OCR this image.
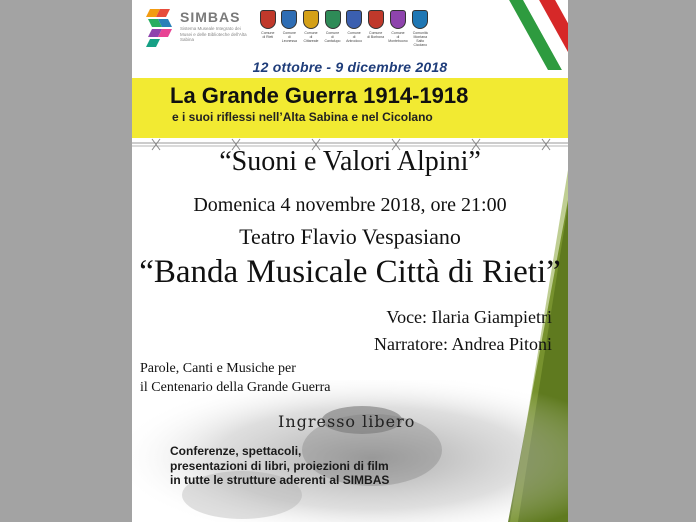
SIMBAS
Sistema Museale Integrato dei Musei e delle Biblioteche dell'Alta Sabina
Comune
di Rieti
Comune
di Leonessa
Comune
di Cittareale
Comune
di Cantalupo
Comune
di Antrodoco
Comune
di Borbona
Comune
di Montebuono
Comunità Montana
Salto Cicolano
12 ottobre - 9 dicembre 2018
La Grande Guerra 1914-1918
e i suoi riflessi nell’Alta Sabina e nel Cicolano
“Suoni e Valori Alpini”
Domenica 4 novembre 2018, ore 21:00
Teatro Flavio Vespasiano
“Banda Musicale Città di Rieti”
Voce: Ilaria Giampietri
Narratore: Andrea Pitoni
Parole, Canti e Musiche per
il Centenario della Grande Guerra
Ingresso libero
Conferenze, spettacoli,
presentazioni di libri, proiezioni di film
in tutte le strutture aderenti al SIMBAS
